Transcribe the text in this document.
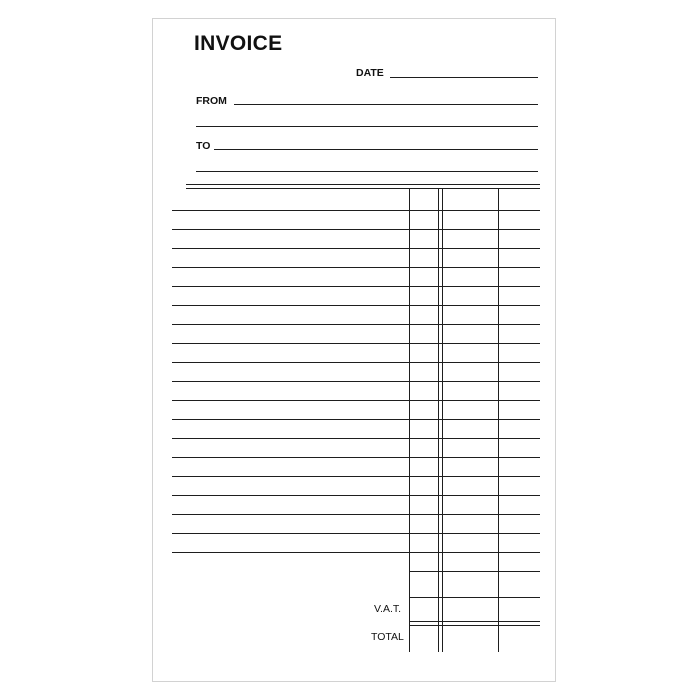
INVOICE
DATE
FROM
TO
V.A.T.
TOTAL
